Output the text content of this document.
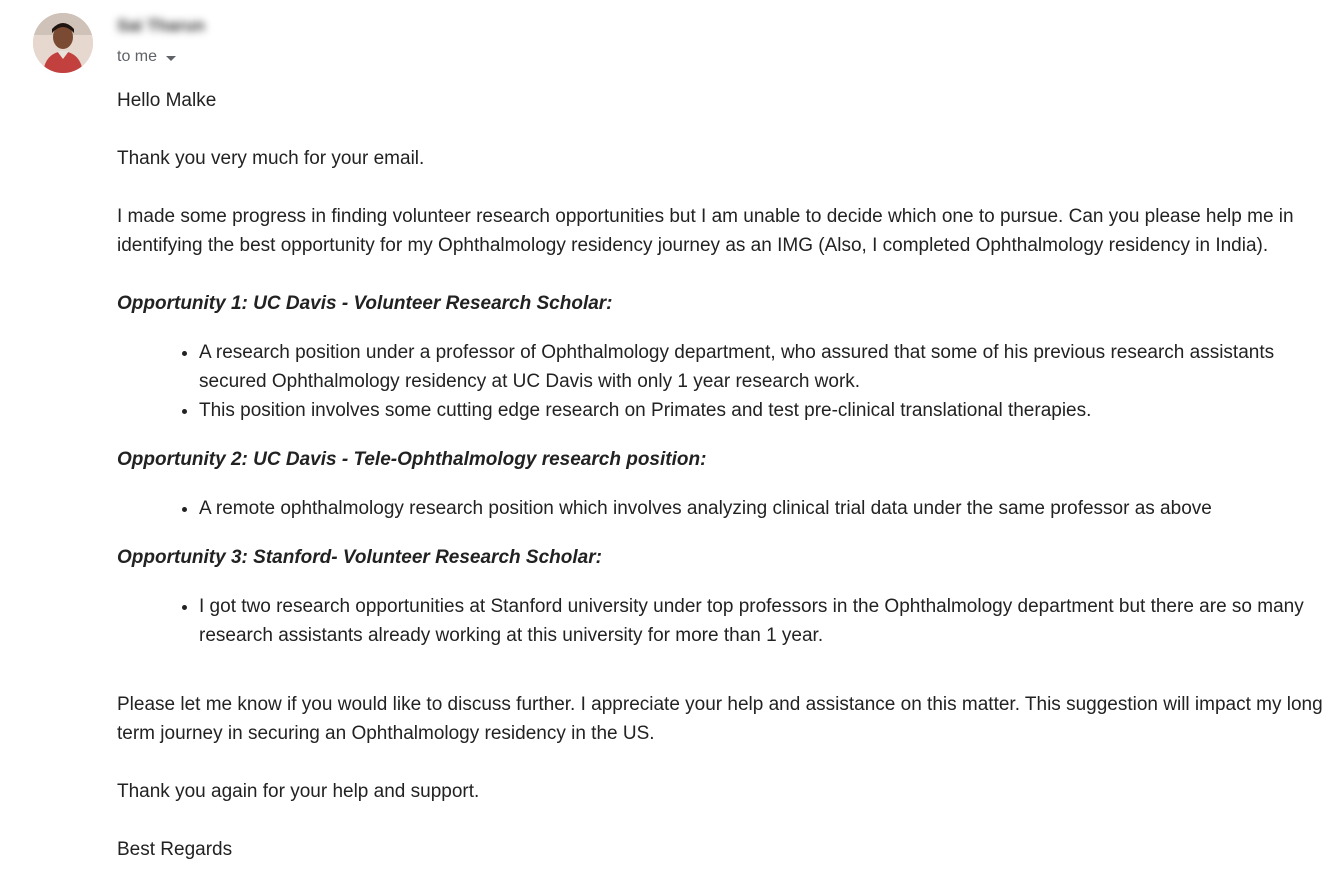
Sai Tharun
to me

Hello Malke

Thank you very much for your email.

I made some progress in finding volunteer research opportunities but I am unable to decide which one to pursue. Can you please help me in identifying the best opportunity for my Ophthalmology residency journey as an IMG (Also, I completed Ophthalmology residency in India).

Opportunity 1: UC Davis - Volunteer Research Scholar:

• A research position under a professor of Ophthalmology department, who assured that some of his previous research assistants secured Ophthalmology residency at UC Davis with only 1 year research work.
• This position involves some cutting edge research on Primates and test pre-clinical translational therapies.

Opportunity 2: UC Davis - Tele-Ophthalmology research position:

• A remote ophthalmology research position which involves analyzing clinical trial data under the same professor as above

Opportunity 3: Stanford- Volunteer Research Scholar:

• I got two research opportunities at Stanford university under top professors in the Ophthalmology department but there are so many research assistants already working at this university for more than 1 year.

Please let me know if you would like to discuss further. I appreciate your help and assistance on this matter. This suggestion will impact my long term journey in securing an Ophthalmology residency in the US.

Thank you again for your help and support.

Best Regards
